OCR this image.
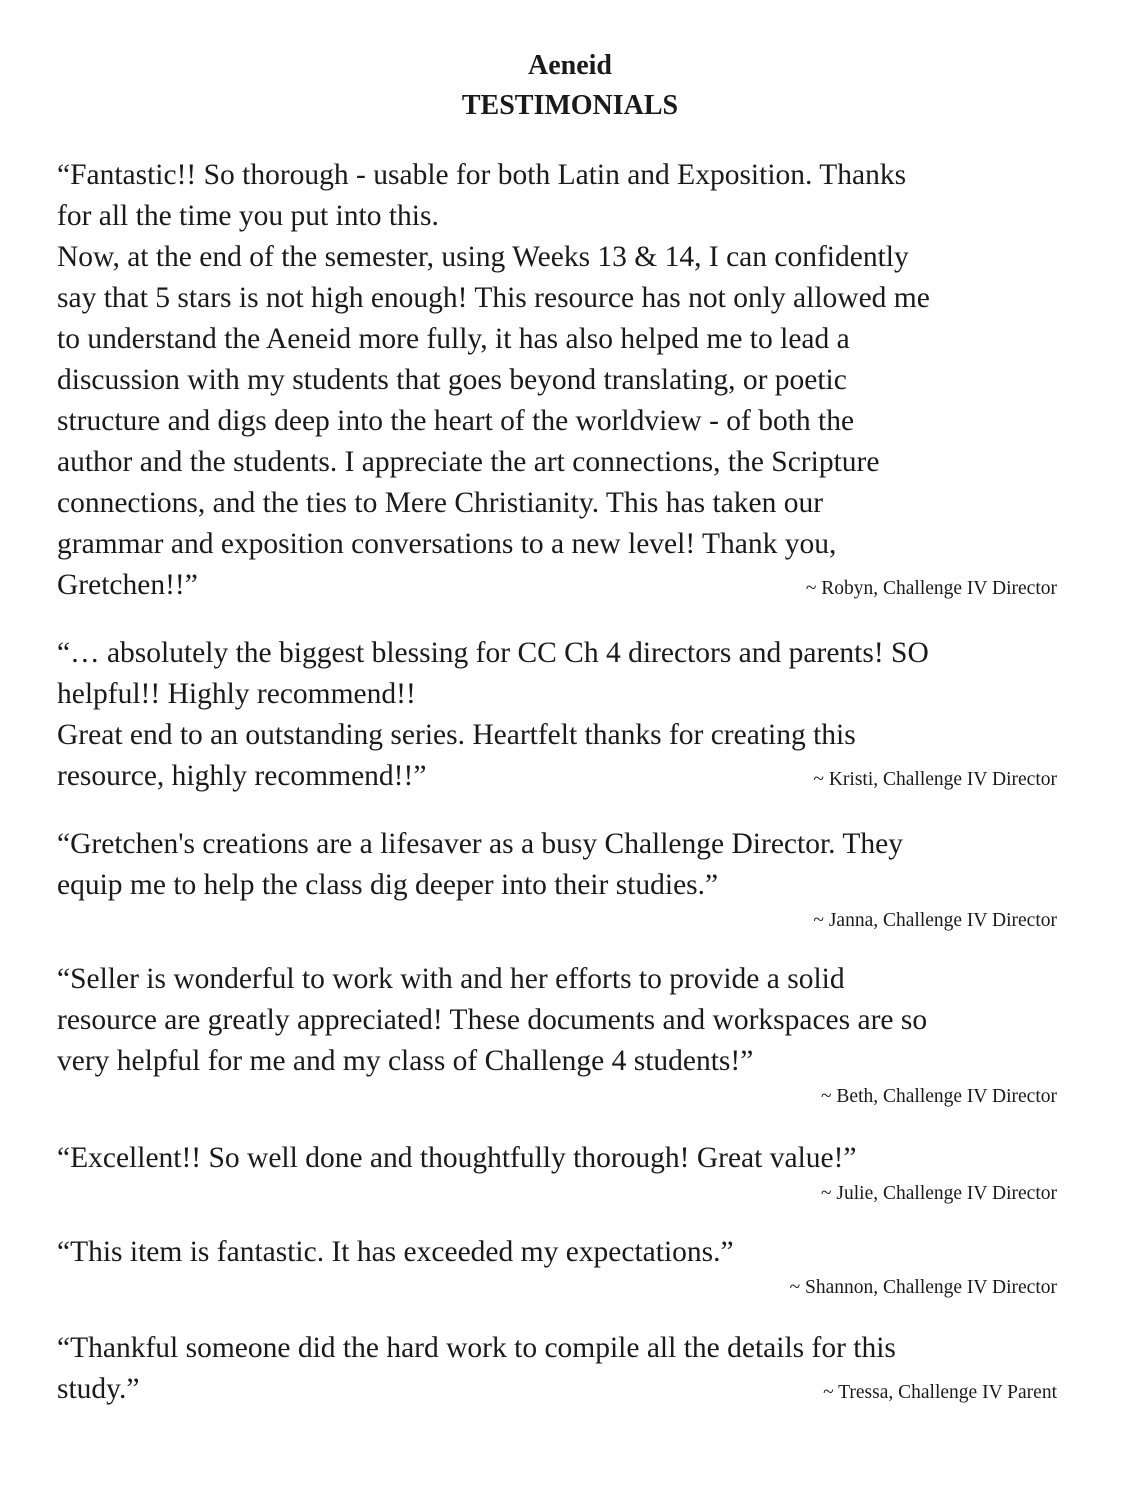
Aeneid
TESTIMONIALS
“Fantastic!! So thorough - usable for both Latin and Exposition. Thanks
for all the time you put into this.
Now, at the end of the semester, using Weeks 13 & 14, I can confidently
say that 5 stars is not high enough! This resource has not only allowed me
to understand the Aeneid more fully, it has also helped me to lead a
discussion with my students that goes beyond translating, or poetic
structure and digs deep into the heart of the worldview - of both the
author and the students. I appreciate the art connections, the Scripture
connections, and the ties to Mere Christianity. This has taken our
grammar and exposition conversations to a new level! Thank you,
Gretchen!!”	~ Robyn, Challenge IV Director
“… absolutely the biggest blessing for CC Ch 4 directors and parents! SO
helpful!! Highly recommend!!
Great end to an outstanding series. Heartfelt thanks for creating this
resource, highly recommend!!”	~ Kristi, Challenge IV Director
“Gretchen's creations are a lifesaver as a busy Challenge Director. They
equip me to help the class dig deeper into their studies.”
~ Janna, Challenge IV Director
“Seller is wonderful to work with and her efforts to provide a solid
resource are greatly appreciated! These documents and workspaces are so
very helpful for me and my class of Challenge 4 students!”
~ Beth, Challenge IV Director
“Excellent!! So well done and thoughtfully thorough! Great value!”
~ Julie, Challenge IV Director
“This item is fantastic. It has exceeded my expectations.”
~ Shannon, Challenge IV Director
“Thankful someone did the hard work to compile all the details for this
study.”	~ Tressa, Challenge IV Parent
